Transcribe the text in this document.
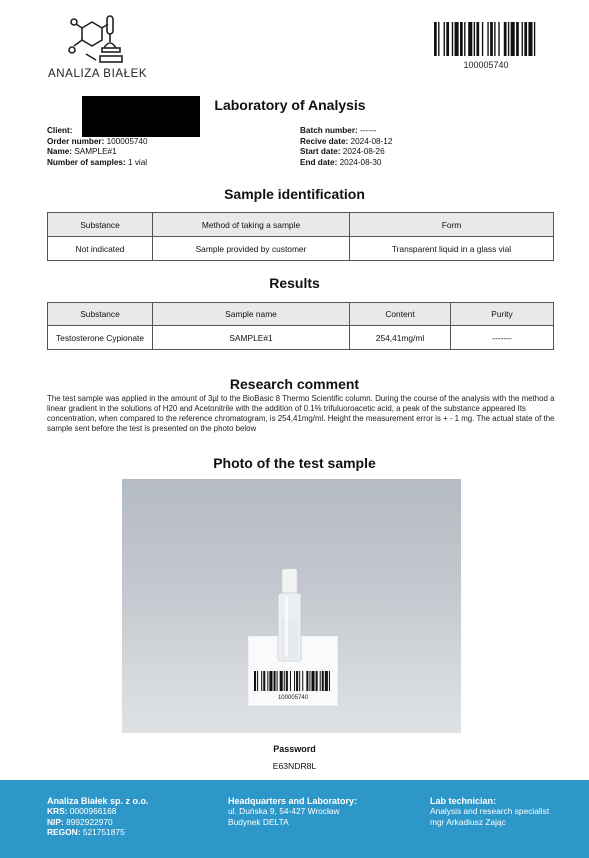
ANALIZA BIAŁEK
100005740
Laboratory of Analysis
Client:
Order number: 100005740
Name: SAMPLE#1
Number of samples: 1 vial
Batch number: ------
Recive date: 2024-08-12
Start date: 2024-08-26
End date: 2024-08-30
Sample identification
Substance	Method of taking a sample	Form
Not indicated	Sample provided by customer	Transparent liquid in a glass vial
Results
Substance	Sample name	Content	Purity
Testosterone Cypionate	SAMPLE#1	254,41mg/ml	-------
Research comment
The test sample was applied in the amount of 3µl to the BioBasic 8 Thermo Scientific column. During the course of the analysis with the method a linear gradient in the solutions of H20 and Acetonitrile with the addition of 0.1% trifuluoroacetic acid, a peak of the substance appeared Its concentration, when compared to the reference chromatogram, is 254,41mg/ml. Height the measurement error is + - 1 mg. The actual state of the sample sent before the test is presented on the photo below
Photo of the test sample
100005740
Password
E63NDR8L
Analiza Białek sp. z o.o.
KRS: 0000966168
NIP: 8992922970
REGON: 521751875
Headquarters and Laboratory:
ul. Duńska 9, 54-427 Wrocław
Budynek DELTA
Lab technician:
Analysis and research specialist
mgr Arkadiusz Zając
